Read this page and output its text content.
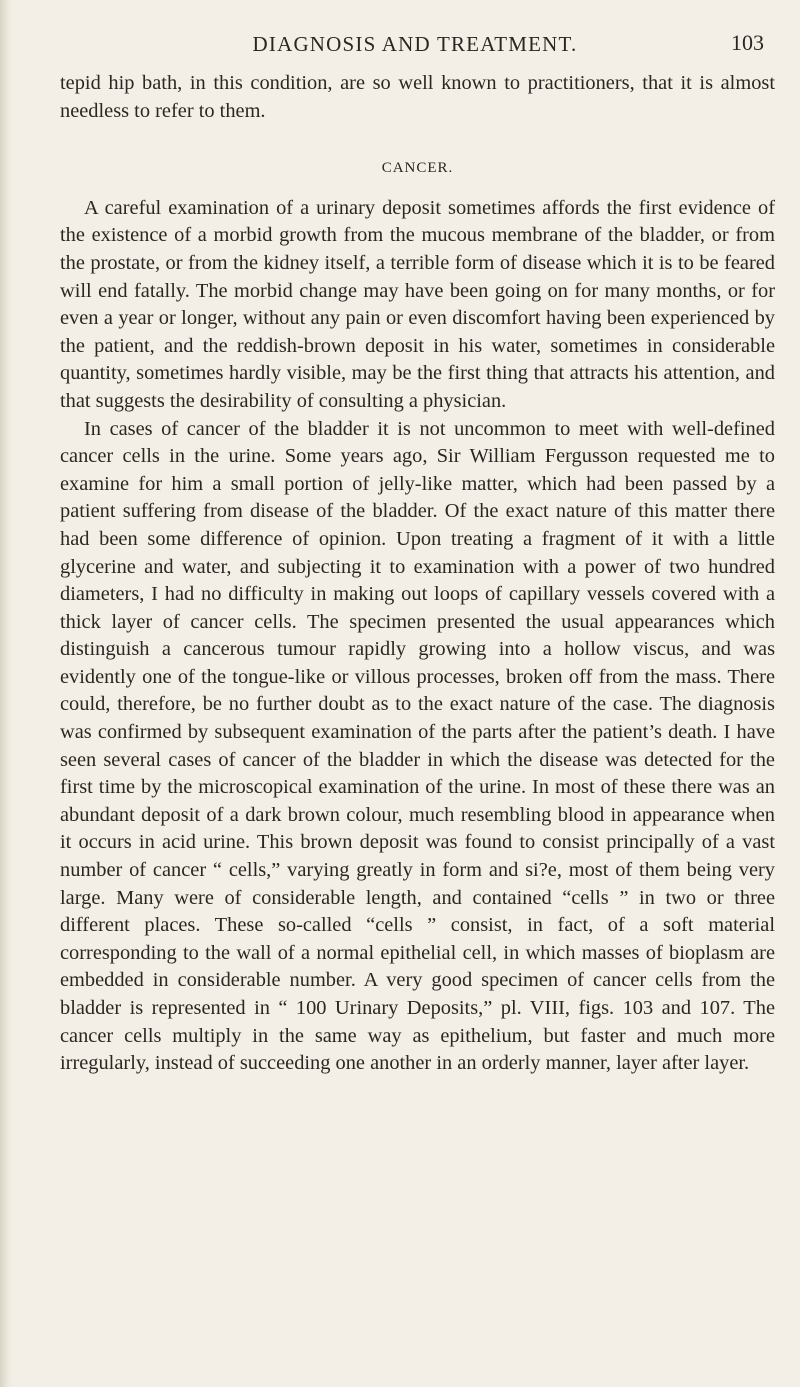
DIAGNOSIS AND TREATMENT.	103

tepid hip bath, in this condition, are so well known to practitioners, that it is almost needless to refer to them.

CANCER.

A careful examination of a urinary deposit sometimes affords the first evidence of the existence of a morbid growth from the mucous membrane of the bladder, or from the prostate, or from the kidney itself, a terrible form of disease which it is to be feared will end fatally. The morbid change may have been going on for many months, or for even a year or longer, without any pain or even discomfort having been experienced by the patient, and the reddish-brown deposit in his water, sometimes in considerable quantity, sometimes hardly visible, may be the first thing that attracts his attention, and that suggests the desirability of consulting a physician.

In cases of cancer of the bladder it is not uncommon to meet with well-defined cancer cells in the urine. Some years ago, Sir William Fergusson requested me to examine for him a small portion of jelly-like matter, which had been passed by a patient suffering from disease of the bladder. Of the exact nature of this matter there had been some difference of opinion. Upon treating a fragment of it with a little glycerine and water, and subjecting it to examination with a power of two hundred diameters, I had no difficulty in making out loops of capillary vessels covered with a thick layer of cancer cells. The specimen presented the usual appearances which distinguish a cancerous tumour rapidly growing into a hollow viscus, and was evidently one of the tongue-like or villous processes, broken off from the mass. There could, therefore, be no further doubt as to the exact nature of the case. The diagnosis was confirmed by subsequent examination of the parts after the patient’s death. I have seen several cases of cancer of the bladder in which the disease was detected for the first time by the microscopical examination of the urine. In most of these there was an abundant deposit of a dark brown colour, much resembling blood in appearance when it occurs in acid urine. This brown deposit was found to consist principally of a vast number of cancer “ cells,” varying greatly in form and si?e, most of them being very large. Many were of considerable length, and contained “cells ” in two or three different places. These so-called “cells ” consist, in fact, of a soft material corresponding to the wall of a normal epithelial cell, in which masses of bioplasm are embedded in considerable number. A very good specimen of cancer cells from the bladder is represented in “ 100 Urinary Deposits,” pl. VIII, figs. 103 and 107. The cancer cells multiply in the same way as epithelium, but faster and much more irregularly, instead of succeeding one another in an orderly manner, layer after layer.
